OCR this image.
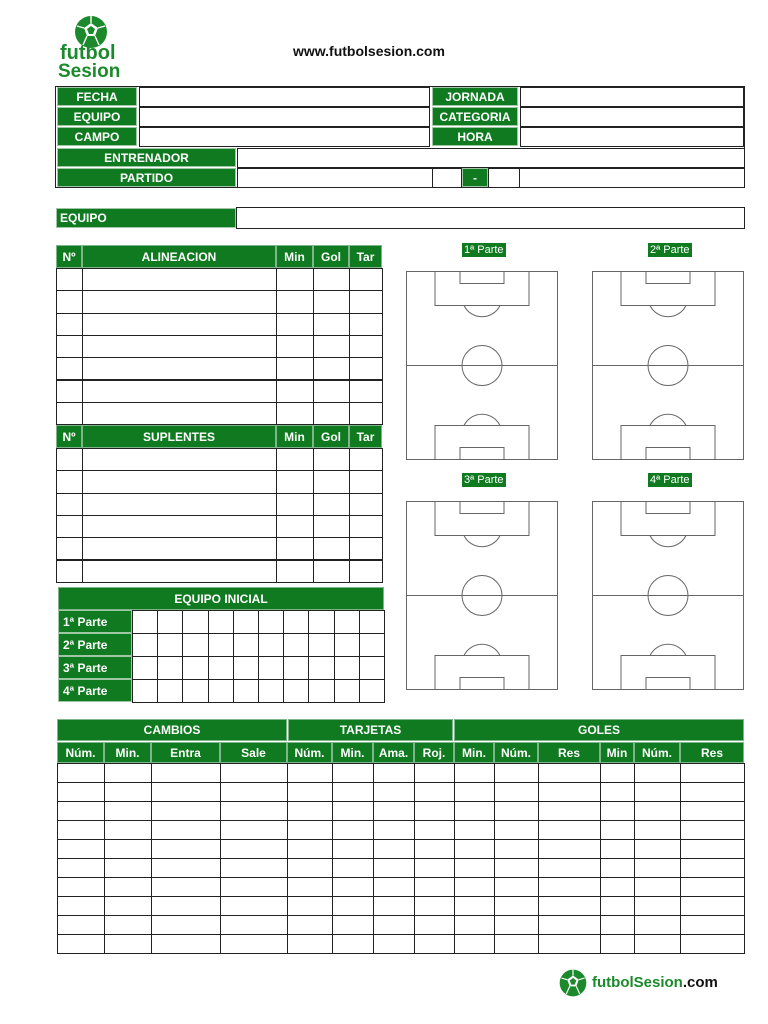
futbol
Sesion
www.futbolsesion.com
FECHA	JORNADA
EQUIPO	CATEGORIA
CAMPO	HORA
ENTRENADOR
PARTIDO	-
EQUIPO
Nº	ALINEACION	Min	Gol	Tar
Nº	SUPLENTES	Min	Gol	Tar
EQUIPO INICIAL
1ª Parte
2ª Parte
3ª Parte
4ª Parte
1ª Parte	2ª Parte
3ª Parte	4ª Parte
CAMBIOS	TARJETAS	GOLES
Núm.	Min.	Entra	Sale	Núm.	Min.	Ama.	Roj.	Min.	Núm.	Res	Min	Núm.	Res
futbolSesion.com
